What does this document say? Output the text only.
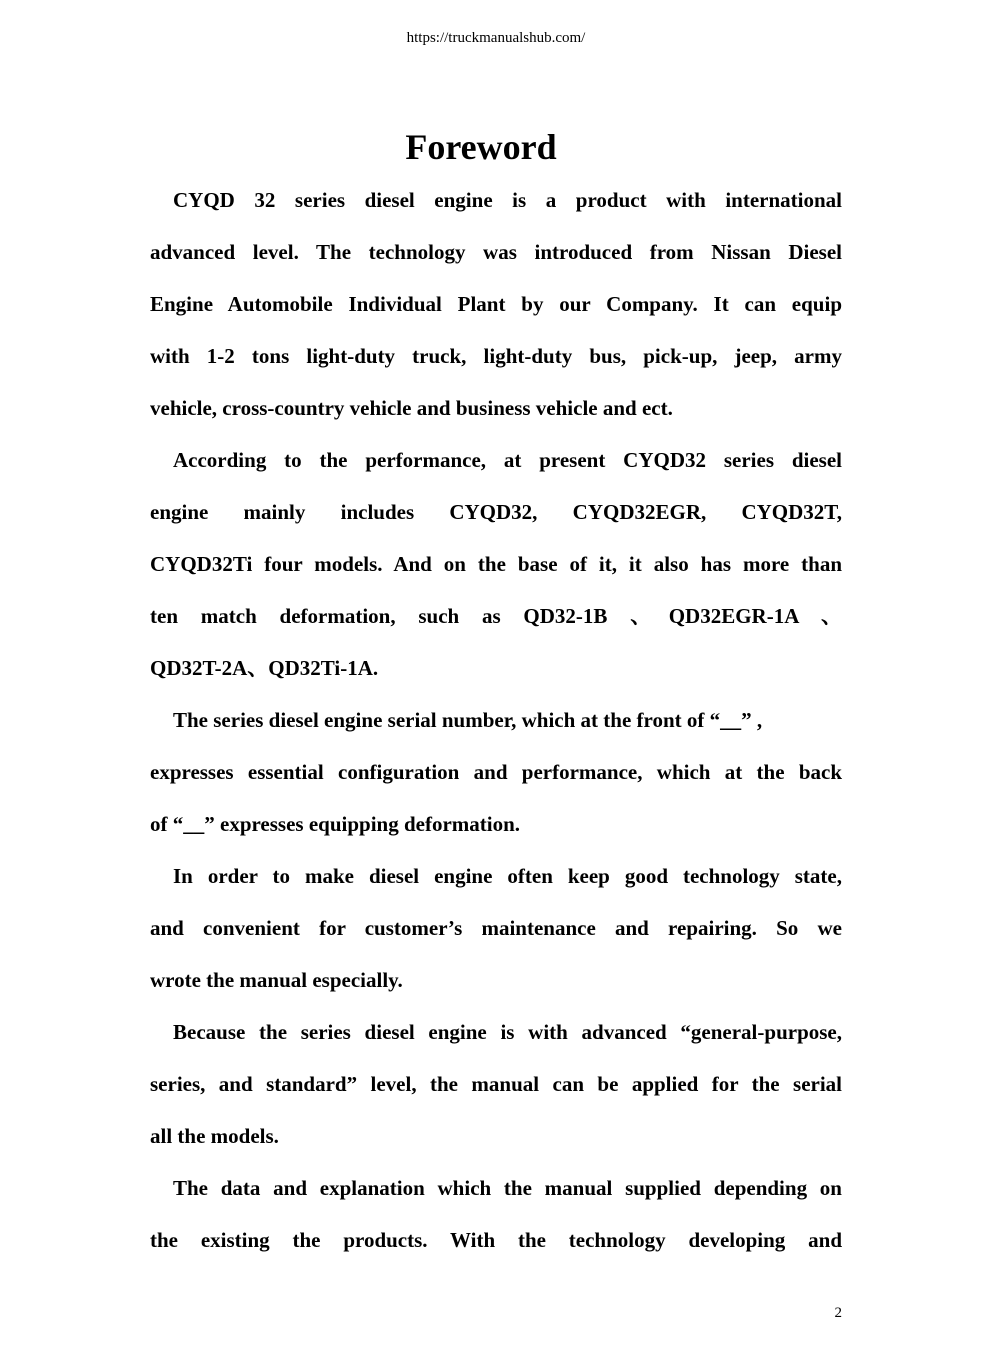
https://truckmanualshub.com/
Foreword
CYQD 32 series diesel engine is a product with international
advanced level. The technology was introduced from Nissan Diesel
Engine Automobile Individual Plant by our Company. It can equip
with 1-2 tons light-duty truck, light-duty bus, pick-up, jeep, army
vehicle, cross-country vehicle and business vehicle and ect.
According to the performance, at present CYQD32 series diesel
engine mainly includes CYQD32, CYQD32EGR, CYQD32T,
CYQD32Ti four models. And on the base of it, it also has more than
ten match deformation, such as QD32-1B 、QD32EGR-1A 、
QD32T-2A、QD32Ti-1A.
The series diesel engine serial number, which at the front of “__” ,
expresses essential configuration and performance, which at the back
of “__” expresses equipping deformation.
In order to make diesel engine often keep good technology state,
and convenient for customer’s maintenance and repairing. So we
wrote the manual especially.
Because the series diesel engine is with advanced “general-purpose,
series, and standard” level, the manual can be applied for the serial
all the models.
The data and explanation which the manual supplied depending on
the existing the products. With the technology developing and
2
